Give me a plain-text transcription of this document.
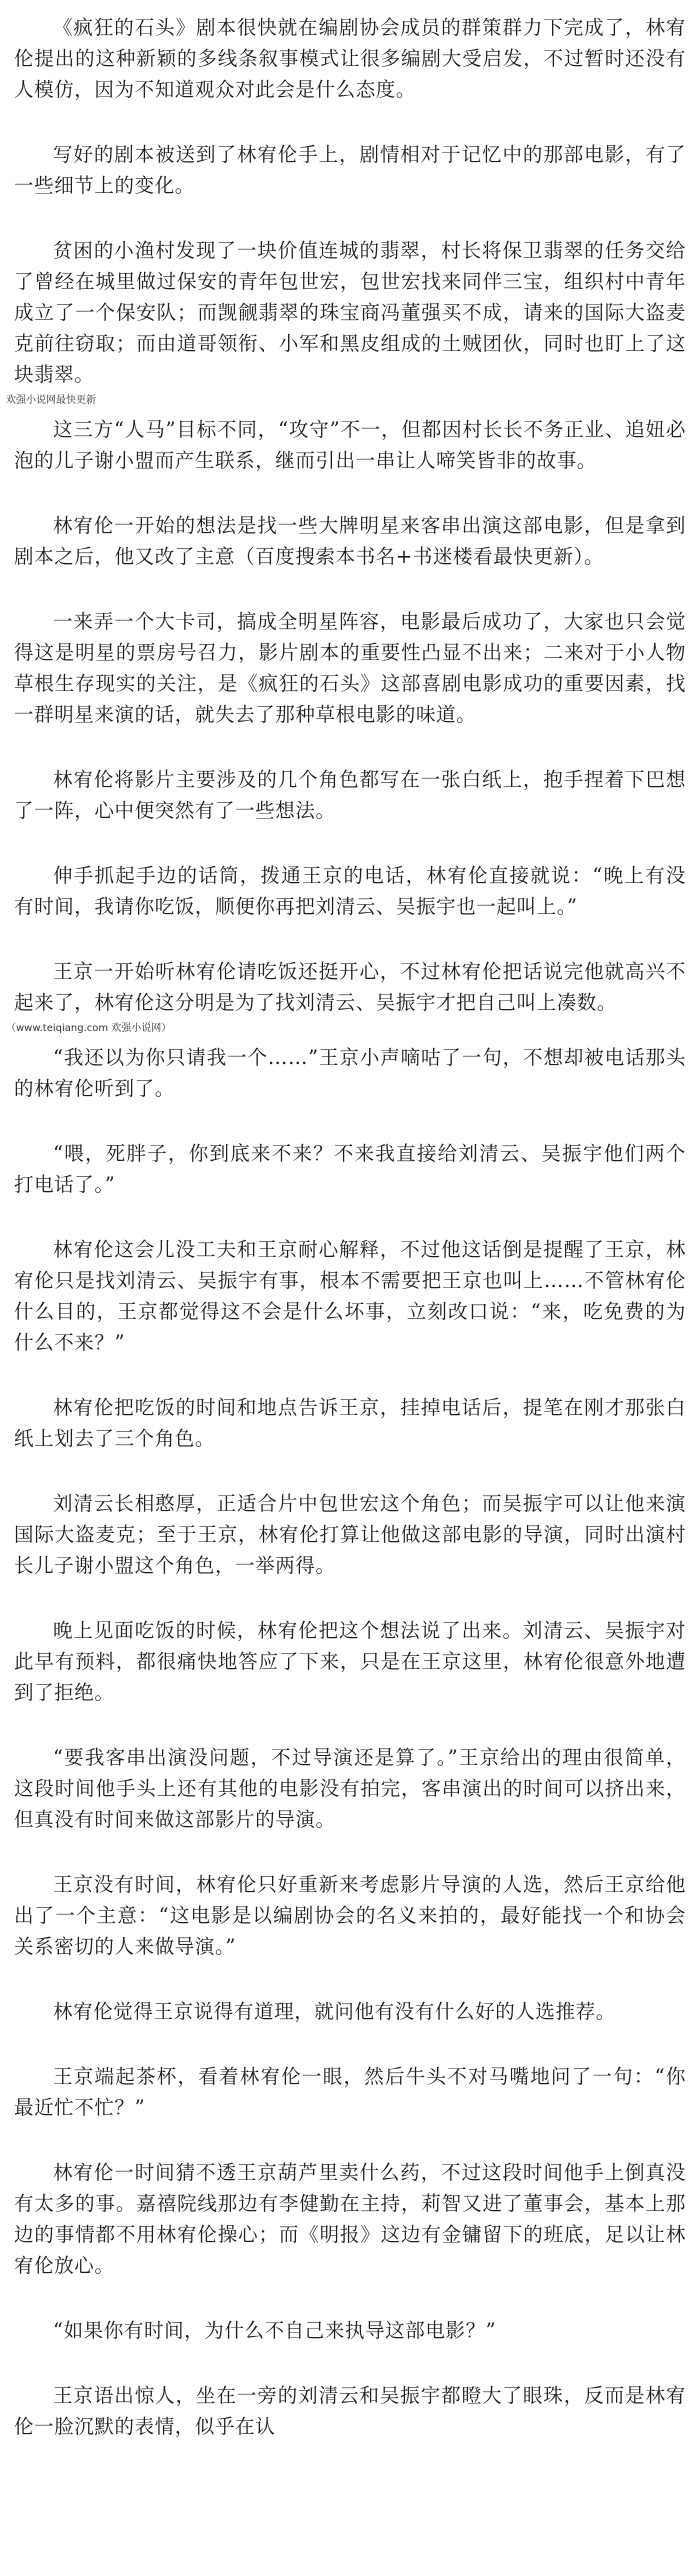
《疯狂的石头》剧本很快就在编剧协会成员的群策群力下完成了，林宥伦提出的这种新颖的多线条叙事模式让很多编剧大受启发，不过暂时还没有人模仿，因为不知道观众对此会是什么态度。

写好的剧本被送到了林宥伦手上，剧情相对于记忆中的那部电影，有了一些细节上的变化。

贫困的小渔村发现了一块价值连城的翡翠，村长将保卫翡翠的任务交给了曾经在城里做过保安的青年包世宏，包世宏找来同伴三宝，组织村中青年成立了一个保安队；而觊觎翡翠的珠宝商冯董强买不成，请来的国际大盗麦克前往窃取；而由道哥领衔、小军和黑皮组成的土贼团伙，同时也盯上了这块翡翠。

欢强小说网最快更新

这三方“人马”目标不同，“攻守”不一，但都因村长长不务正业、追妞必泡的儿子谢小盟而产生联系，继而引出一串让人啼笑皆非的故事。

林宥伦一开始的想法是找一些大牌明星来客串出演这部电影，但是拿到剧本之后，他又改了主意（百度搜索本书名+书迷楼看最快更新）。

一来弄一个大卡司，搞成全明星阵容，电影最后成功了，大家也只会觉得这是明星的票房号召力，影片剧本的重要性凸显不出来；二来对于小人物草根生存现实的关注，是《疯狂的石头》这部喜剧电影成功的重要因素，找一群明星来演的话，就失去了那种草根电影的味道。

林宥伦将影片主要涉及的几个角色都写在一张白纸上，抱手捏着下巴想了一阵，心中便突然有了一些想法。

伸手抓起手边的话筒，拨通王京的电话，林宥伦直接就说：“晚上有没有时间，我请你吃饭，顺便你再把刘清云、吴振宇也一起叫上。”

王京一开始听林宥伦请吃饭还挺开心，不过林宥伦把话说完他就高兴不起来了，林宥伦这分明是为了找刘清云、吴振宇才把自己叫上凑数。

（www.teiqiang.com 欢强小说网）

“我还以为你只请我一个……”王京小声嘀咕了一句，不想却被电话那头的林宥伦听到了。

“喂，死胖子，你到底来不来？不来我直接给刘清云、吴振宇他们两个打电话了。”

林宥伦这会儿没工夫和王京耐心解释，不过他这话倒是提醒了王京，林宥伦只是找刘清云、吴振宇有事，根本不需要把王京也叫上……不管林宥伦什么目的，王京都觉得这不会是什么坏事，立刻改口说：“来，吃免费的为什么不来？”

林宥伦把吃饭的时间和地点告诉王京，挂掉电话后，提笔在刚才那张白纸上划去了三个角色。

刘清云长相憨厚，正适合片中包世宏这个角色；而吴振宇可以让他来演国际大盗麦克；至于王京，林宥伦打算让他做这部电影的导演，同时出演村长儿子谢小盟这个角色，一举两得。

晚上见面吃饭的时候，林宥伦把这个想法说了出来。刘清云、吴振宇对此早有预料，都很痛快地答应了下来，只是在王京这里，林宥伦很意外地遭到了拒绝。

“要我客串出演没问题，不过导演还是算了。”王京给出的理由很简单，这段时间他手头上还有其他的电影没有拍完，客串演出的时间可以挤出来，但真没有时间来做这部影片的导演。

王京没有时间，林宥伦只好重新来考虑影片导演的人选，然后王京给他出了一个主意：“这电影是以编剧协会的名义来拍的，最好能找一个和协会关系密切的人来做导演。”

林宥伦觉得王京说得有道理，就问他有没有什么好的人选推荐。

王京端起茶杯，看着林宥伦一眼，然后牛头不对马嘴地问了一句：“你最近忙不忙？”

林宥伦一时间猜不透王京葫芦里卖什么药，不过这段时间他手上倒真没有太多的事。嘉禧院线那边有李健勤在主持，莉智又进了董事会，基本上那边的事情都不用林宥伦操心；而《明报》这边有金镛留下的班底，足以让林宥伦放心。

“如果你有时间，为什么不自己来执导这部电影？”

王京语出惊人，坐在一旁的刘清云和吴振宇都瞪大了眼珠，反而是林宥伦一脸沉默的表情，似乎在认
